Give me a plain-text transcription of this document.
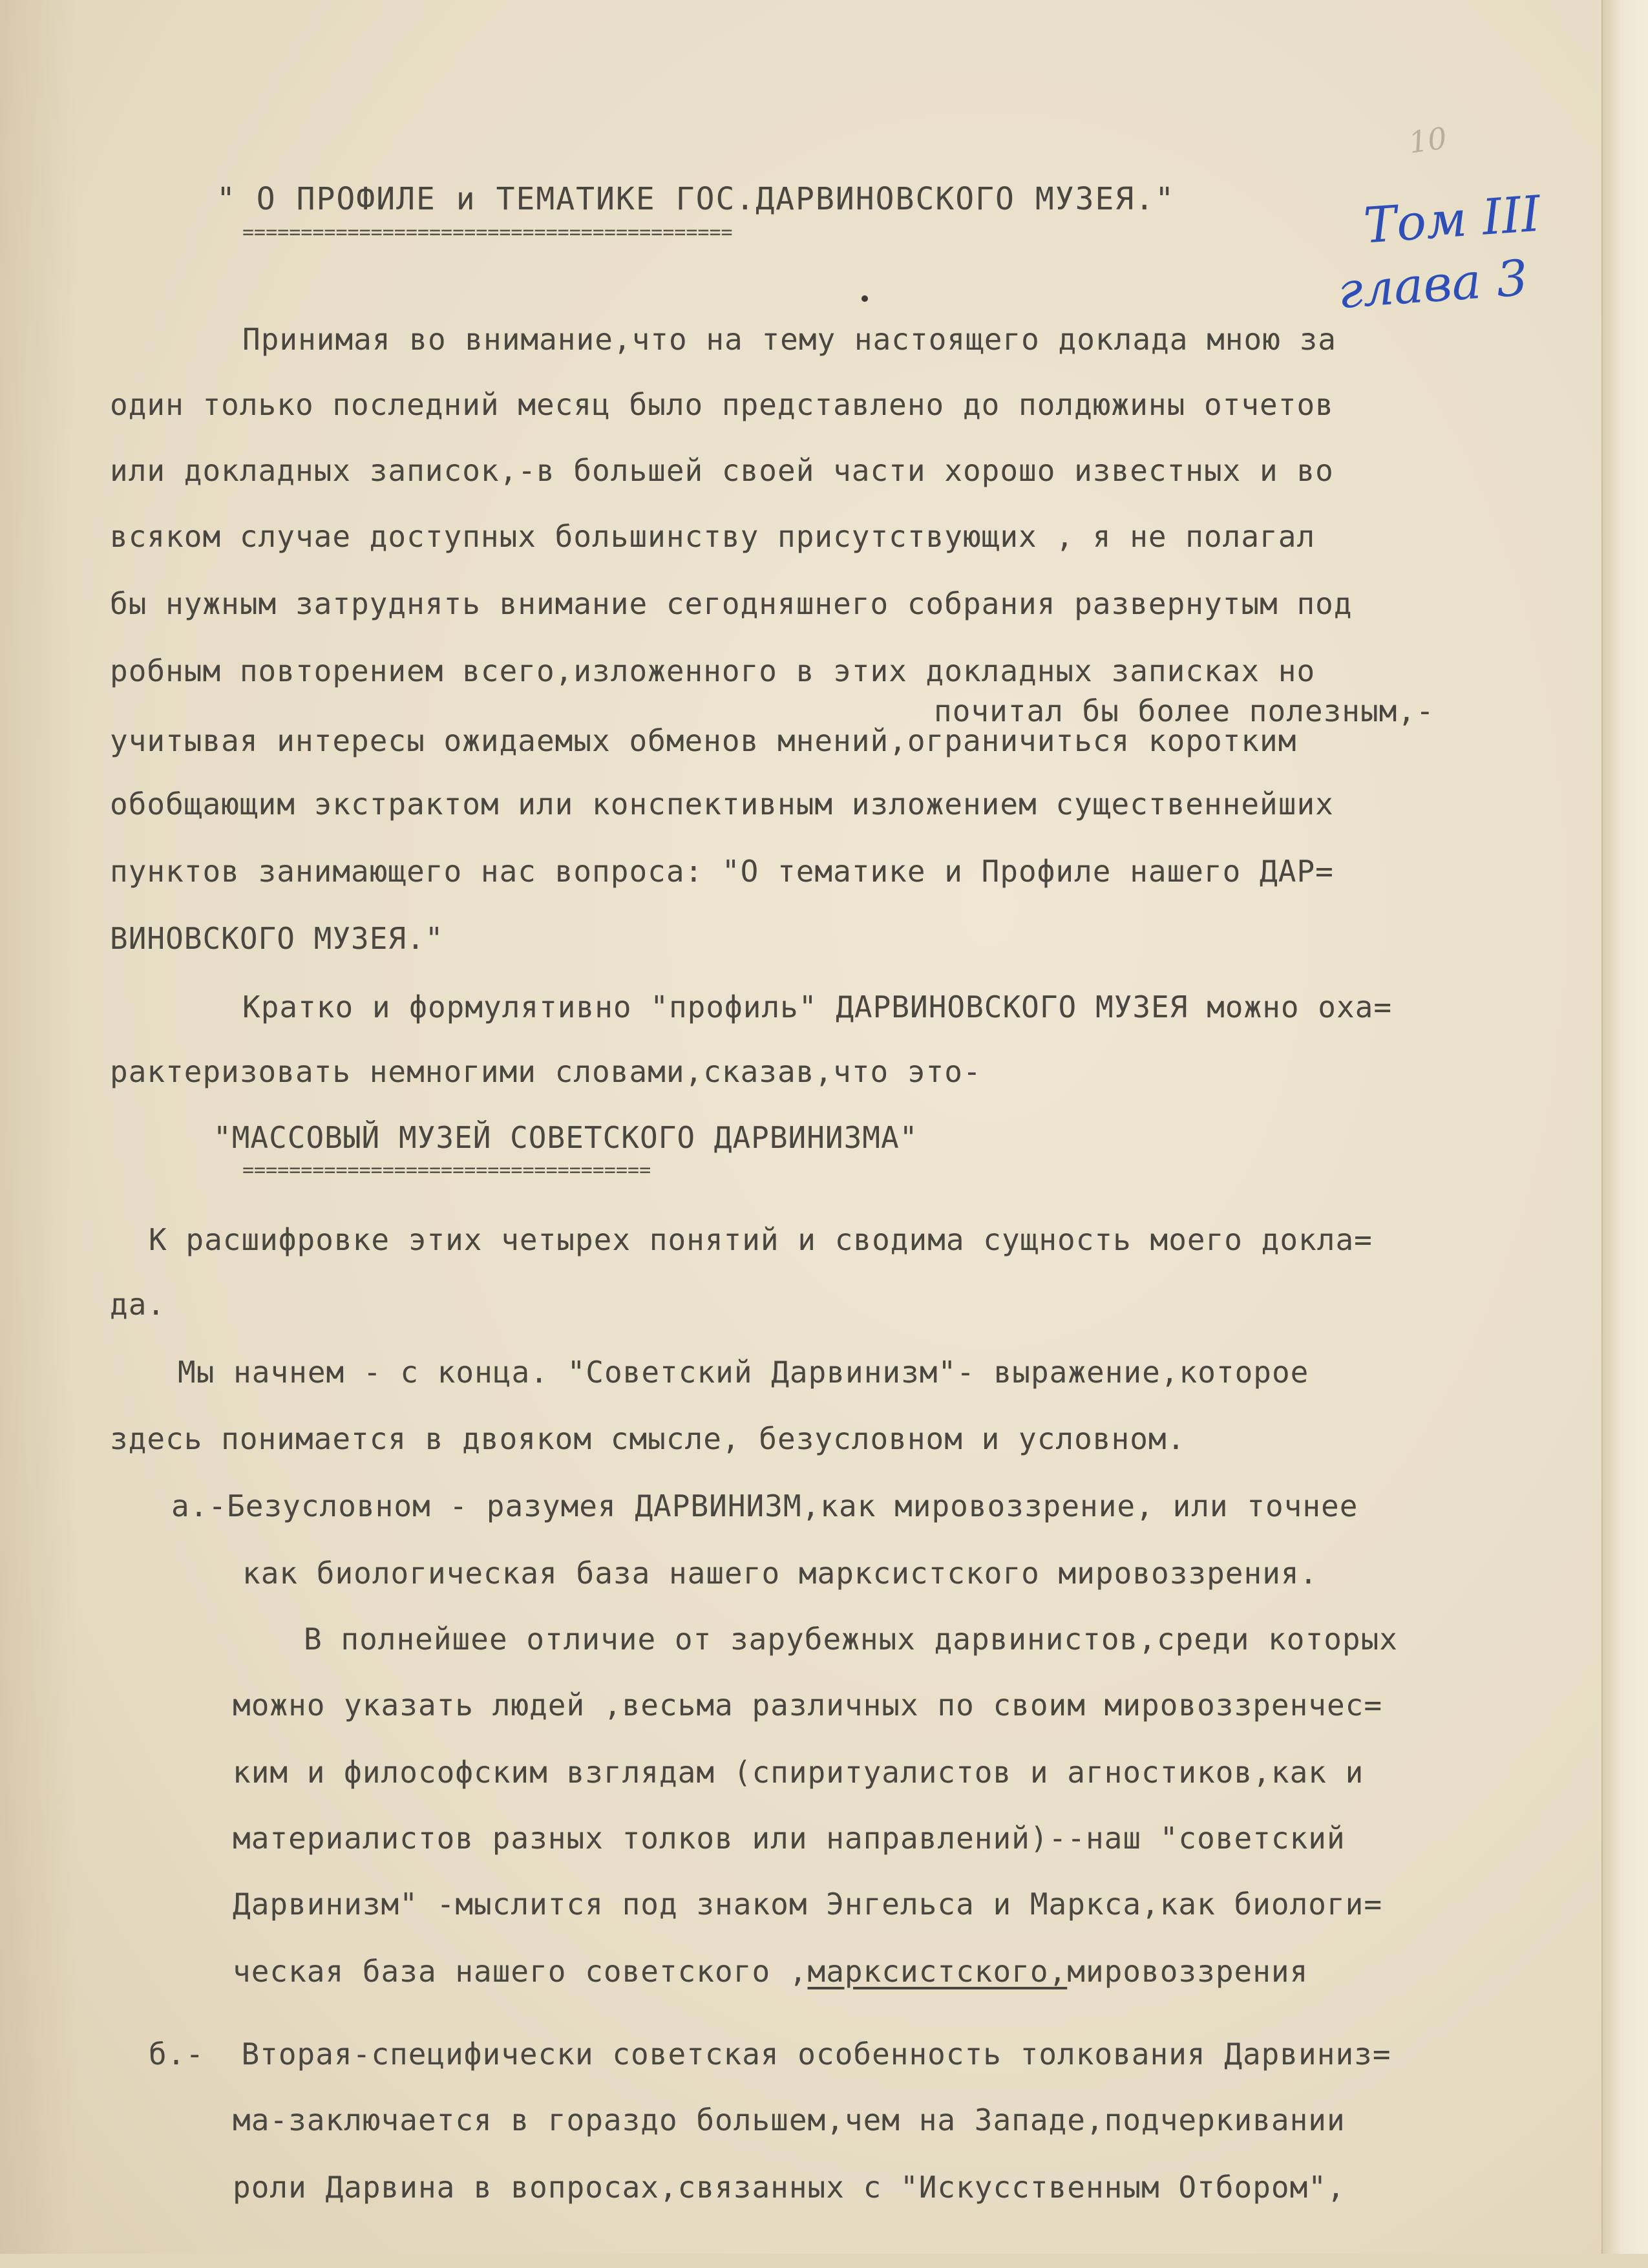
10
" О ПРОФИЛЕ и ТЕМАТИКЕ ГОС.ДАРВИНОВСКОГО МУЗЕЯ."
==========================================	Том III
глава 3
Принимая во внимание,что на тему настоящего доклада мною за
один только последний месяц было представлено до полдюжины отчетов
или докладных записок,-в большей своей части хорошо известных и во
всяком случае доступных большинству присутствующих , я не полагал
бы нужным затруднять внимание сегодняшнего собрания развернутым под
робным повторением всего,изложенного в этих докладных записках но
почитал бы более полезным,-
учитывая интересы ожидаемых обменов мнений,ограничиться коротким
обобщающим экстрактом или конспективным изложением существеннейших
пунктов занимающего нас вопроса: "О тематике и Профиле нашего ДАР=
ВИНОВСКОГО МУЗЕЯ."
Кратко и формулятивно "профиль" ДАРВИНОВСКОГО МУЗЕЯ можно оха=
рактеризовать немногими словами,сказав,что это-
"МАССОВЫЙ МУЗЕЙ СОВЕТСКОГО ДАРВИНИЗМА"
===================================
К расшифровке этих четырех понятий и сводима сущность моего докла=
да.
Мы начнем - с конца. "Советский Дарвинизм"- выражение,которое
здесь понимается в двояком смысле, безусловном и условном.
а.-Безусловном - разумея ДАРВИНИЗМ,как мировоззрение, или точнее
как биологическая база нашего марксистского мировоззрения.
В полнейшее отличие от зарубежных дарвинистов,среди которых
можно указать людей ,весьма различных по своим мировоззренчес=
ким и философским взглядам (спиритуалистов и агностиков,как и
материалистов разных толков или направлений)--наш "советский
Дарвинизм" -мыслится под знаком Энгельса и Маркса,как биологи=
ческая база нашего советского ,марксистского,мировоззрения
б.-  Вторая-специфически советская особенность толкования Дарвиниз=
ма-заключается в гораздо большем,чем на Западе,подчеркивании
роли Дарвина в вопросах,связанных с "Искусственным Отбором",
